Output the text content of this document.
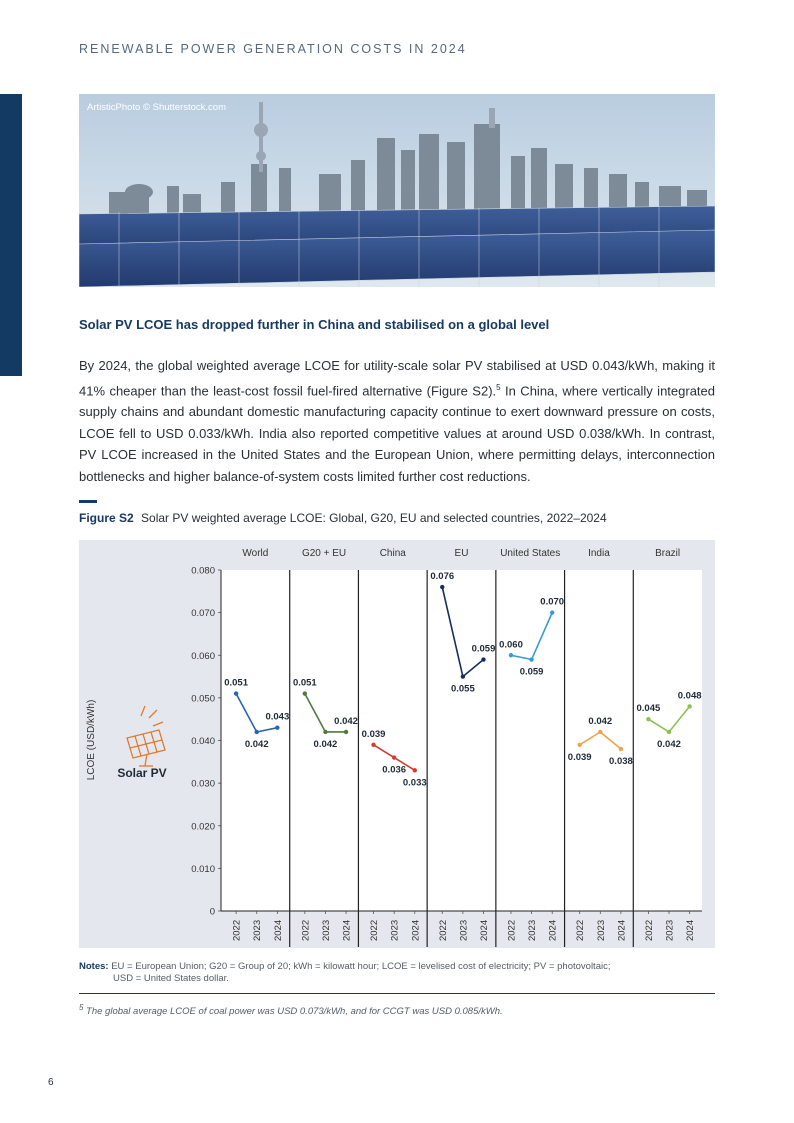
RENEWABLE POWER GENERATION COSTS IN 2024
ArtisticPhoto © Shutterstock.com
Solar PV LCOE has dropped further in China and stabilised on a global level
By 2024, the global weighted average LCOE for utility-scale solar PV stabilised at USD 0.043/kWh, making it 41% cheaper than the least-cost fossil fuel-fired alternative (Figure S2).$^5$ In China, where vertically integrated supply chains and abundant domestic manufacturing capacity continue to exert downward pressure on costs, LCOE fell to USD 0.033/kWh. India also reported competitive values at around USD 0.038/kWh. In contrast, PV LCOE increased in the United States and the European Union, where permitting delays, interconnection bottlenecks and higher balance-of-system costs limited further cost reductions.
Figure S2 Solar PV weighted average LCOE: Global, G20, EU and selected countries, 2022–2024
LCOE (USD/kWh) Solar PV
0
0.010
0.020
0.030
0.040
0.050
0.060
0.070
0.080
World
2022 2023 2024
0.051
0.042
0.043
G20 + EU
2022 2023 2024
0.051
0.042
0.042
China
2022 2023 2024
0.039
0.036
0.033
EU
2022 2023 2024
0.076
0.055
0.059
United States
2022 2023 2024
0.060
0.059
0.070
India
2022 2023 2024
0.039
0.042
0.038
Brazil
2022 2023 2024
0.045
0.042
0.048
Notes: EU = European Union; G20 = Group of 20; kWh = kilowatt hour; LCOE = levelised cost of electricity; PV = photovoltaic;
USD = United States dollar.
$^5$ The global average LCOE of coal power was USD 0.073/kWh, and for CCGT was USD 0.085/kWh.
6
